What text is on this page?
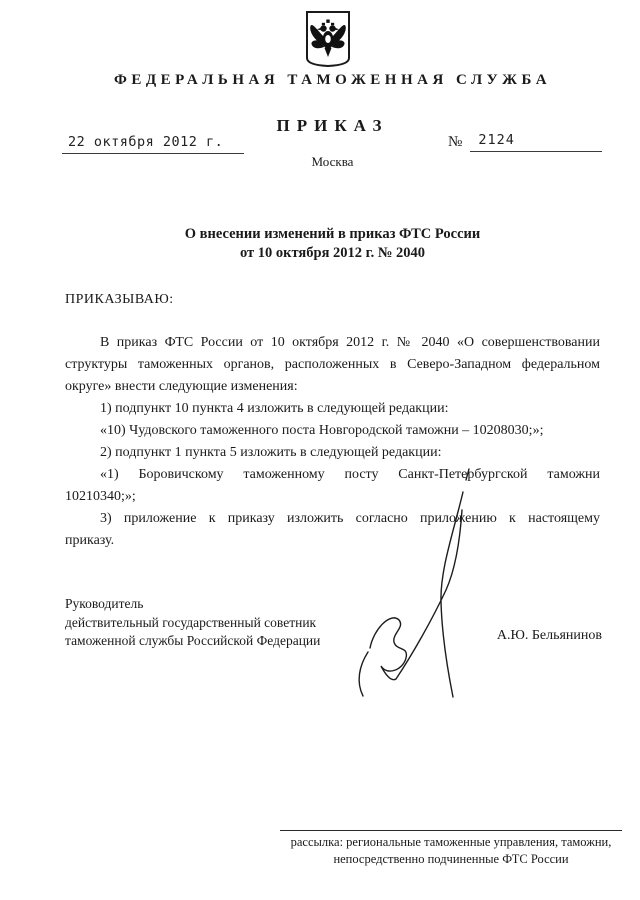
ФЕДЕРАЛЬНАЯ ТАМОЖЕННАЯ СЛУЖБА
ПРИКАЗ
22 октября 2012 г.	№	2124
Москва
О внесении изменений в приказ ФТС России
от 10 октября 2012 г. № 2040
ПРИКАЗЫВАЮ:

В приказ ФТС России от 10 октября 2012 г. № 2040 «О совершенствовании структуры таможенных органов, расположенных в Северо-Западном федеральном округе» внести следующие изменения:

1) подпункт 10 пункта 4 изложить в следующей редакции:

«10) Чудовского таможенного поста Новгородской таможни – 10208030;»;

2) подпункт 1 пункта 5 изложить в следующей редакции:

«1) Боровичскому таможенному посту Санкт-Петербургской таможни

10210340;»;

3) приложение к приказу изложить согласно приложению к настоящему

приказу.

Руководитель
действительный государственный советник
таможенной службы Российской Федерации	А.Ю. Бельянинов
рассылка: региональные таможенные управления, таможни,
непосредственно подчиненные ФТС России
